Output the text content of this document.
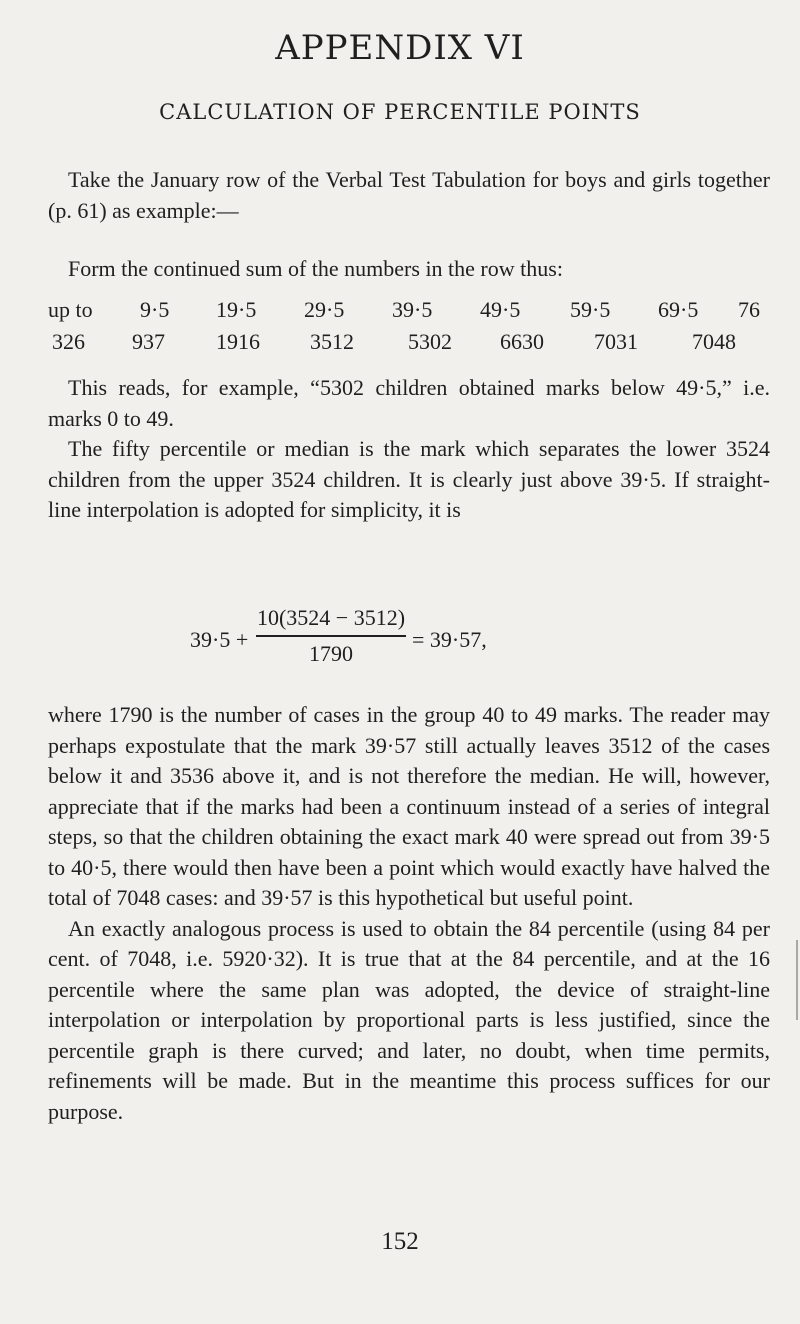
APPENDIX VI
CALCULATION OF PERCENTILE POINTS

Take the January row of the Verbal Test Tabulation for boys and girls together (p. 61) as example:—

Form the continued sum of the numbers in the row thus:

up to 9·5 19·5 29·5 39·5 49·5 59·5 69·5 76
326 937 1916 3512 5302 6630 7031 7048

This reads, for example, “5302 children obtained marks below 49·5,” i.e. marks 0 to 49.

The fifty percentile or median is the mark which separates the lower 3524 children from the upper 3524 children. It is clearly just above 39·5. If straight-line interpolation is adopted for simplicity, it is

39·5 +
10(3524 − 3512)
1790
= 39·57,

where 1790 is the number of cases in the group 40 to 49 marks. The reader may perhaps expostulate that the mark 39·57 still actually leaves 3512 of the cases below it and 3536 above it, and is not therefore the median. He will, however, appreciate that if the marks had been a continuum instead of a series of integral steps, so that the children obtaining the exact mark 40 were spread out from 39·5 to 40·5, there would then have been a point which would exactly have halved the total of 7048 cases: and 39·57 is this hypothetical but useful point.

An exactly analogous process is used to obtain the 84 percentile (using 84 per cent. of 7048, i.e. 5920·32). It is true that at the 84 percentile, and at the 16 percentile where the same plan was adopted, the device of straight-line interpolation or interpolation by proportional parts is less justified, since the percentile graph is there curved; and later, no doubt, when time permits, refinements will be made. But in the meantime this process suffices for our purpose.

152
